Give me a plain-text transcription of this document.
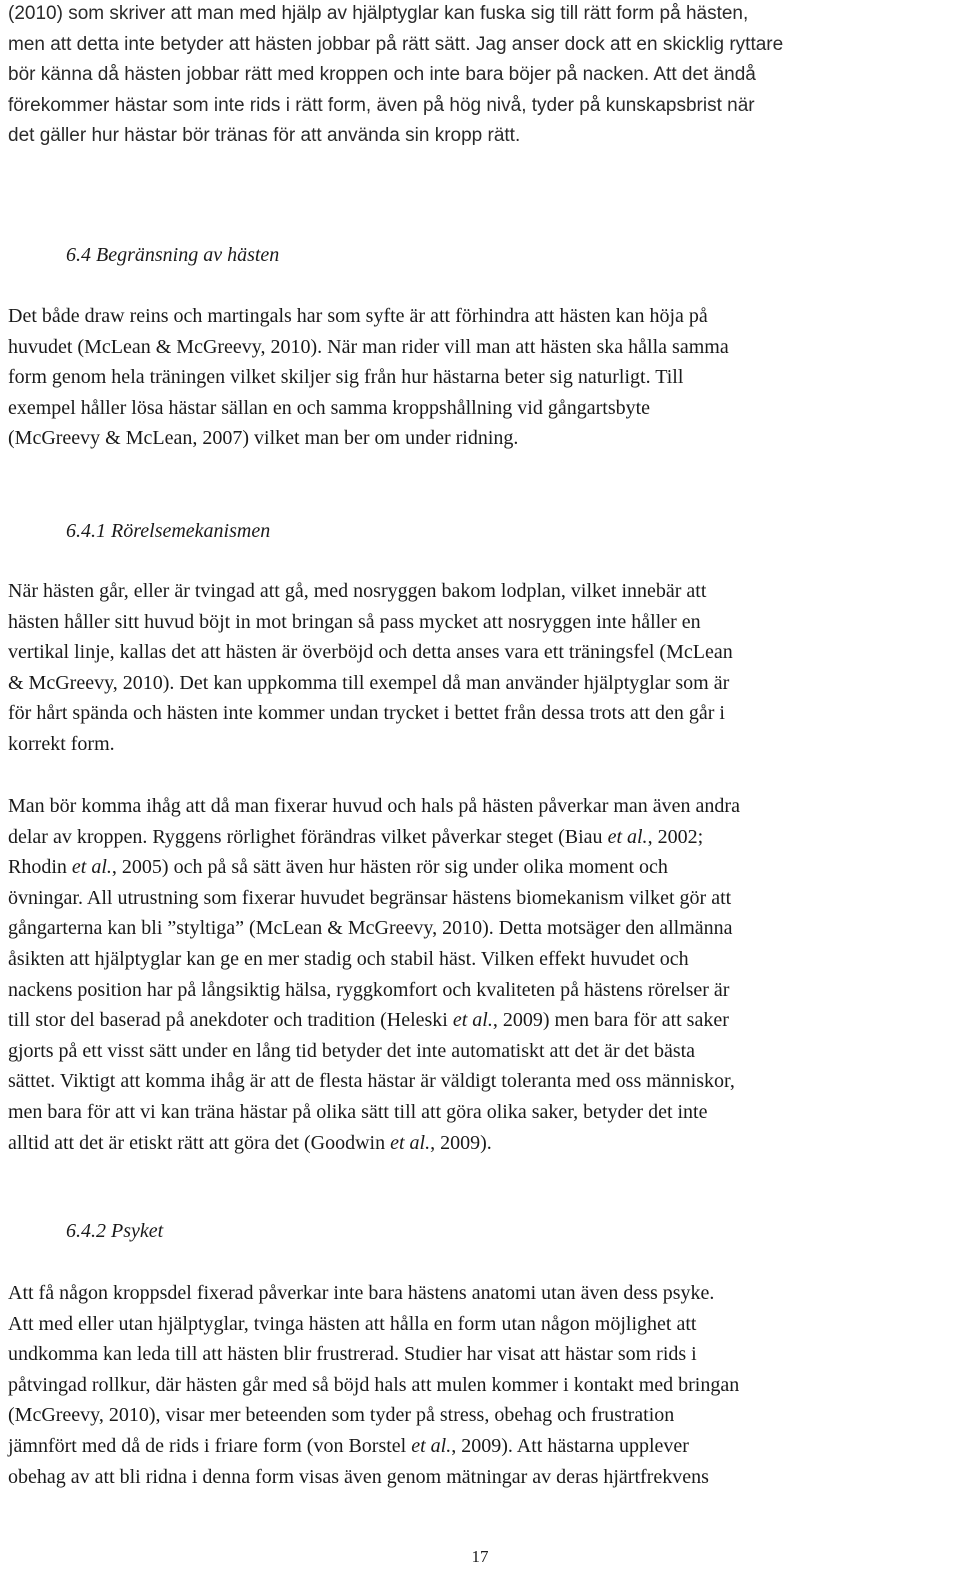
(2010) som skriver att man med hjälp av hjälptyglar kan fuska sig till rätt form på hästen,
men att detta inte betyder att hästen jobbar på rätt sätt. Jag anser dock att en skicklig ryttare
bör känna då hästen jobbar rätt med kroppen och inte bara böjer på nacken. Att det ändå
förekommer hästar som inte rids i rätt form, även på hög nivå, tyder på kunskapsbrist när
det gäller hur hästar bör tränas för att använda sin kropp rätt.
6.4 Begränsning av hästen
Det både draw reins och martingals har som syfte är att förhindra att hästen kan höja på
huvudet (McLean & McGreevy, 2010). När man rider vill man att hästen ska hålla samma
form genom hela träningen vilket skiljer sig från hur hästarna beter sig naturligt. Till
exempel håller lösa hästar sällan en och samma kroppshållning vid gångartsbyte
(McGreevy & McLean, 2007) vilket man ber om under ridning.
6.4.1 Rörelsemekanismen
När hästen går, eller är tvingad att gå, med nosryggen bakom lodplan, vilket innebär att
hästen håller sitt huvud böjt in mot bringan så pass mycket att nosryggen inte håller en
vertikal linje, kallas det att hästen är överböjd och detta anses vara ett träningsfel (McLean
& McGreevy, 2010). Det kan uppkomma till exempel då man använder hjälptyglar som är
för hårt spända och hästen inte kommer undan trycket i bettet från dessa trots att den går i
korrekt form.
Man bör komma ihåg att då man fixerar huvud och hals på hästen påverkar man även andra
delar av kroppen. Ryggens rörlighet förändras vilket påverkar steget (Biau et al., 2002;
Rhodin et al., 2005) och på så sätt även hur hästen rör sig under olika moment och
övningar. All utrustning som fixerar huvudet begränsar hästens biomekanism vilket gör att
gångarterna kan bli ”styltiga” (McLean & McGreevy, 2010). Detta motsäger den allmänna
åsikten att hjälptyglar kan ge en mer stadig och stabil häst. Vilken effekt huvudet och
nackens position har på långsiktig hälsa, ryggkomfort och kvaliteten på hästens rörelser är
till stor del baserad på anekdoter och tradition (Heleski et al., 2009) men bara för att saker
gjorts på ett visst sätt under en lång tid betyder det inte automatiskt att det är det bästa
sättet. Viktigt att komma ihåg är att de flesta hästar är väldigt toleranta med oss människor,
men bara för att vi kan träna hästar på olika sätt till att göra olika saker, betyder det inte
alltid att det är etiskt rätt att göra det (Goodwin et al., 2009).
6.4.2 Psyket
Att få någon kroppsdel fixerad påverkar inte bara hästens anatomi utan även dess psyke.
Att med eller utan hjälptyglar, tvinga hästen att hålla en form utan någon möjlighet att
undkomma kan leda till att hästen blir frustrerad. Studier har visat att hästar som rids i
påtvingad rollkur, där hästen går med så böjd hals att mulen kommer i kontakt med bringan
(McGreevy, 2010), visar mer beteenden som tyder på stress, obehag och frustration
jämnfört med då de rids i friare form (von Borstel et al., 2009). Att hästarna upplever
obehag av att bli ridna i denna form visas även genom mätningar av deras hjärtfrekvens
17
